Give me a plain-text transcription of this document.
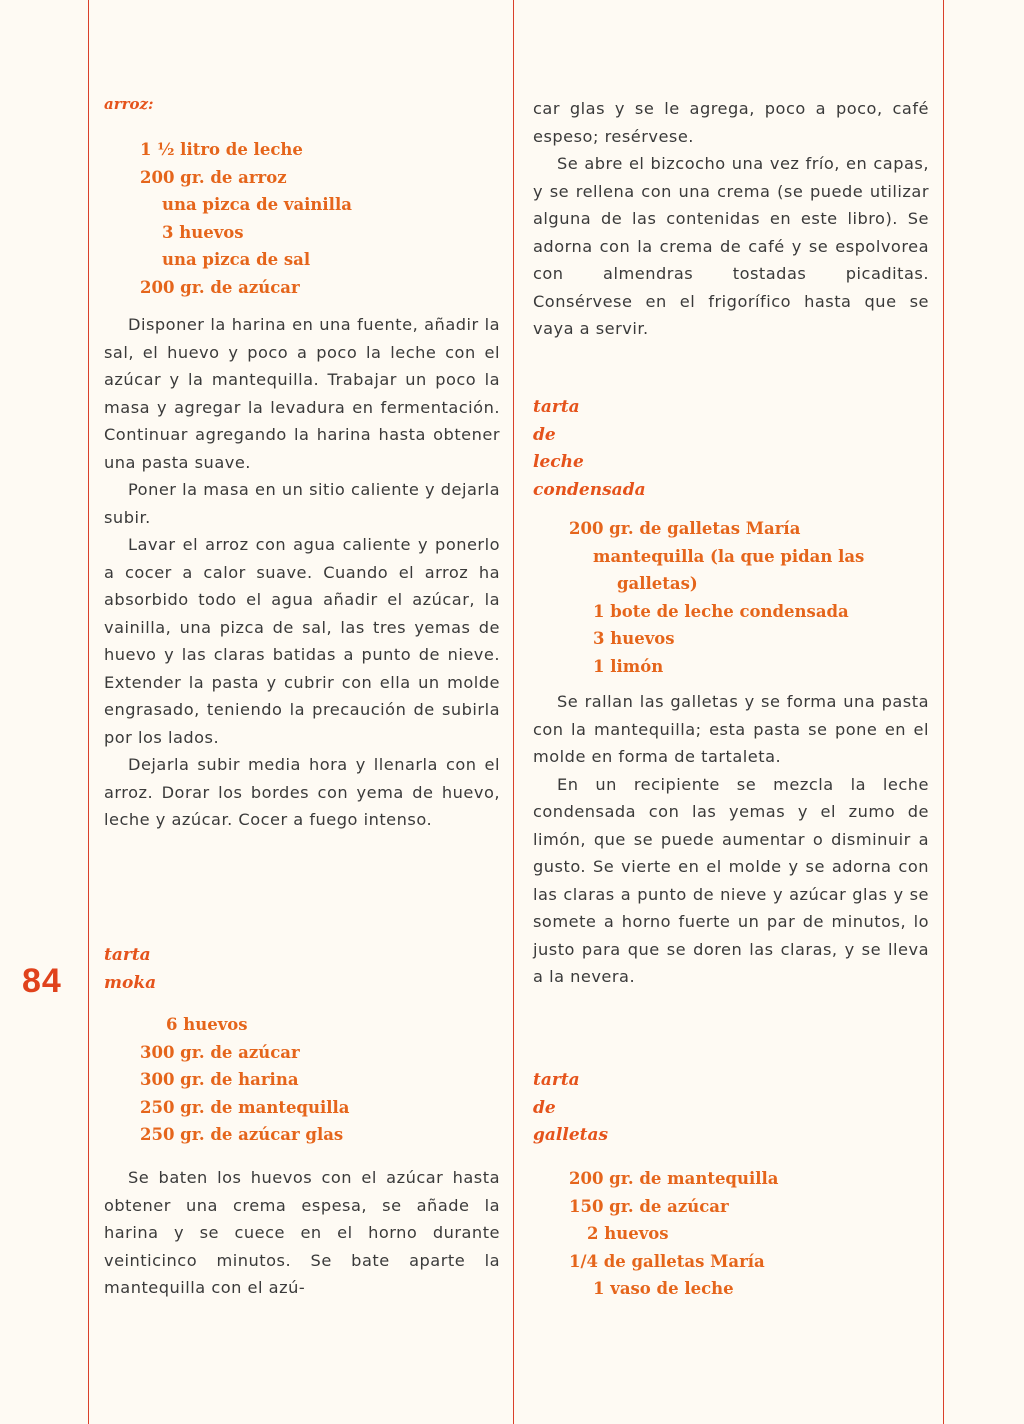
84

arroz:

1 ½ litro de leche

200 gr. de arroz

una pizca de vainilla

3 huevos

una pizca de sal

200 gr. de azúcar

Disponer la harina en una fuente, añadir la sal, el huevo y poco a poco la leche con el azúcar y la mantequilla. Trabajar un poco la masa y agregar la levadura en fermentación. Continuar agregando la harina hasta obtener una pasta suave.

Poner la masa en un sitio caliente y dejarla subir.

Lavar el arroz con agua caliente y ponerlo a cocer a calor suave. Cuando el arroz ha absorbido todo el agua añadir el azúcar, la vainilla, una pizca de sal, las tres yemas de huevo y las claras batidas a punto de nieve. Extender la pasta y cubrir con ella un molde engrasado, teniendo la precaución de subirla por los lados.

Dejarla subir media hora y llenarla con el arroz. Dorar los bordes con yema de huevo, leche y azúcar. Cocer a fuego intenso.

tarta

moka

6 huevos

300 gr. de azúcar

300 gr. de harina

250 gr. de mantequilla

250 gr. de azúcar glas

Se baten los huevos con el azúcar hasta obtener una crema espesa, se añade la harina y se cuece en el horno durante veinticinco minutos. Se bate aparte la mantequilla con el azú-

car glas y se le agrega, poco a poco, café espeso; resérvese.

Se abre el bizcocho una vez frío, en capas, y se rellena con una crema (se puede utilizar alguna de las contenidas en este libro). Se adorna con la crema de café y se espolvorea con almendras tostadas picaditas. Consérvese en el frigorífico hasta que se vaya a servir.

tarta

de

leche

condensada

200 gr. de galletas María

mantequilla (la que pidan las

galletas)

1 bote de leche condensada

3 huevos

1 limón

Se rallan las galletas y se forma una pasta con la mantequilla; esta pasta se pone en el molde en forma de tartaleta.

En un recipiente se mezcla la leche condensada con las yemas y el zumo de limón, que se puede aumentar o disminuir a gusto. Se vierte en el molde y se adorna con las claras a punto de nieve y azúcar glas y se somete a horno fuerte un par de minutos, lo justo para que se doren las claras, y se lleva a la nevera.

tarta

de

galletas

200 gr. de mantequilla

150 gr. de azúcar

2 huevos

1/4 de galletas María

1 vaso de leche
